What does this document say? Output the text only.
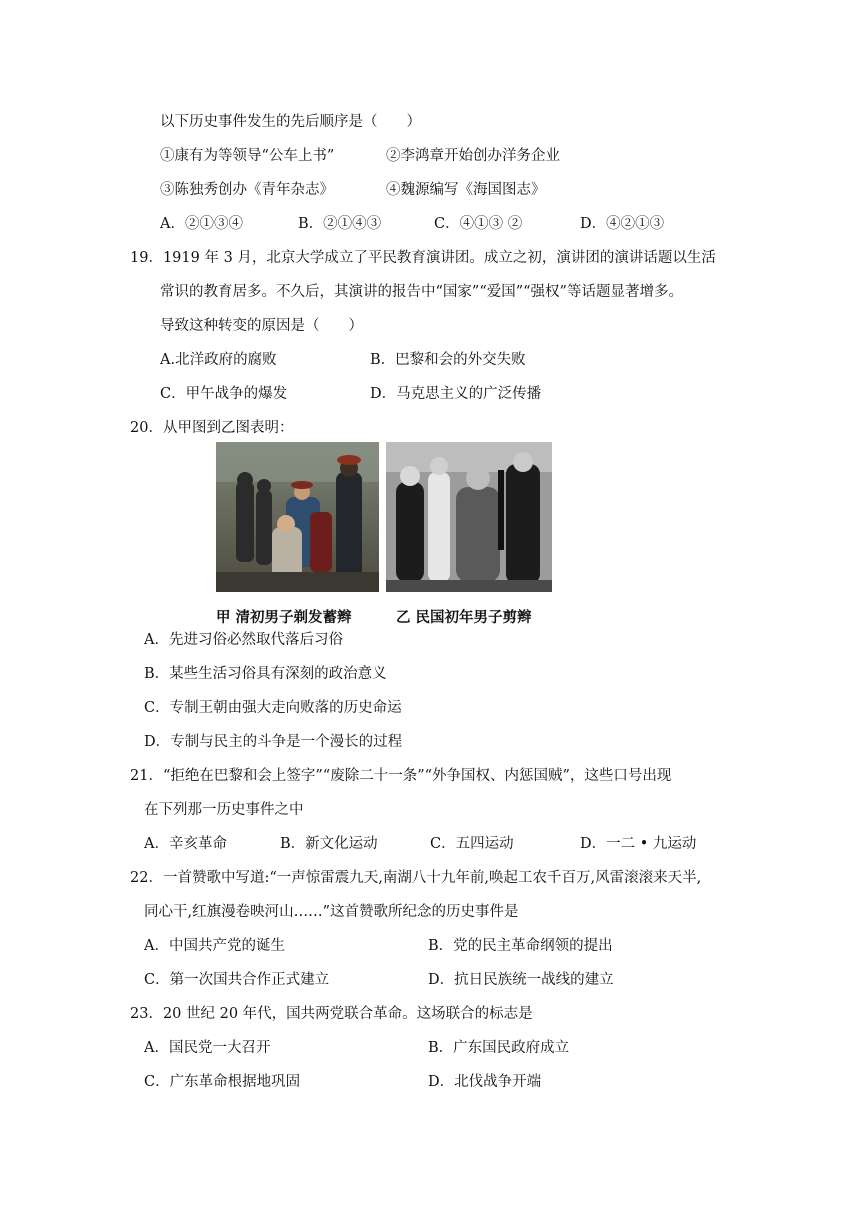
以下历史事件发生的先后顺序是（　　）
①康有为等领导“公车上书”	②李鸿章开始创办洋务企业
③陈独秀创办《青年杂志》	④魏源编写《海国图志》
A．②①③④	B．②①④③	C．④①③ ②	D．④②①③
19．1919 年 3 月，北京大学成立了平民教育演讲团。成立之初，演讲团的演讲话题以生活
常识的教育居多。不久后，其演讲的报告中“国家”“爱国”“强权”等话题显著增多。
导致这种转变的原因是（　　）
A.北洋政府的腐败	B．巴黎和会的外交失败
C．甲午战争的爆发	D．马克思主义的广泛传播
20．从甲图到乙图表明：
甲 清初男子剃发蓄辫	乙 民国初年男子剪辫
A．先进习俗必然取代落后习俗
B．某些生活习俗具有深刻的政治意义
C．专制王朝由强大走向败落的历史命运
D．专制与民主的斗争是一个漫长的过程
21．“拒绝在巴黎和会上签字”“废除二十一条”“外争国权、内惩国贼”，这些口号出现
在下列那一历史事件之中
A．辛亥革命	B．新文化运动	C．五四运动	D．一二 • 九运动
22．一首赞歌中写道:“一声惊雷震九天,南湖八十九年前,唤起工农千百万,风雷滚滚来天半,
同心干,红旗漫卷映河山……”这首赞歌所纪念的历史事件是
A．中国共产党的诞生	B．党的民主革命纲领的提出
C．第一次国共合作正式建立	D．抗日民族统一战线的建立
23．20 世纪 20 年代，国共两党联合革命。这场联合的标志是
A．国民党一大召开	B．广东国民政府成立
C．广东革命根据地巩固	D．北伐战争开端
